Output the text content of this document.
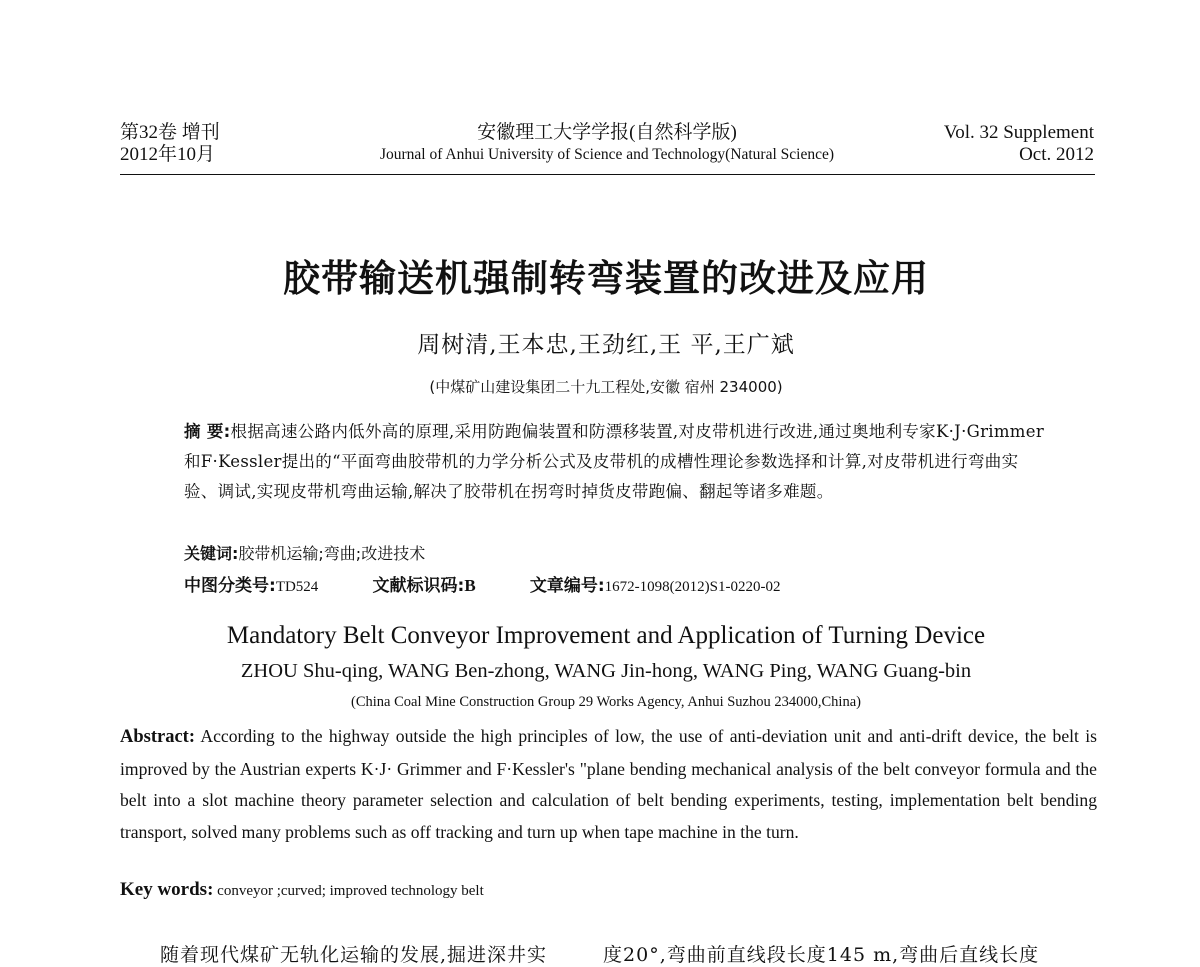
第32卷 增刊
2012年10月
安徽理工大学学报(自然科学版)
Journal of Anhui University of Science and Technology(Natural Science)
Vol. 32 Supplement
Oct. 2012
胶带输送机强制转弯装置的改进及应用
周树清,王本忠,王劲红,王 平,王广斌
(中煤矿山建设集团二十九工程处,安徽 宿州 234000)
摘 要:根据高速公路内低外高的原理,采用防跑偏装置和防漂移装置,对皮带机进行改进,通过奥地利专家K·J·Grimmer和F·Kessler提出的“平面弯曲胶带机的力学分析公式及皮带机的成槽性理论参数选择和计算,对皮带机进行弯曲实验、调试,实现皮带机弯曲运输,解决了胶带机在拐弯时掉货皮带跑偏、翻起等诸多难题。
关键词:胶带机运输;弯曲;改进技术
中图分类号:TD524	文献标识码:B	文章编号:1672-1098(2012)S1-0220-02
Mandatory Belt Conveyor Improvement and Application of Turning Device
ZHOU Shu-qing, WANG Ben-zhong, WANG Jin-hong, WANG Ping, WANG Guang-bin
(China Coal Mine Construction Group 29 Works Agency, Anhui Suzhou 234000,China)
Abstract: According to the highway outside the high principles of low, the use of anti-deviation unit and anti-drift device, the belt is improved by the Austrian experts K·J· Grimmer and F·Kessler's "plane bending mechanical analysis of the belt conveyor formula and the belt into a slot machine theory parameter selection and calculation of belt bending experiments, testing, implementation belt bending transport, solved many problems such as off tracking and turn up when tape machine in the turn.
Key words: conveyor ;curved; improved technology belt
随着现代煤矿无轨化运输的发展,掘进深井实	度20°,弯曲前直线段长度145 m,弯曲后直线长度
